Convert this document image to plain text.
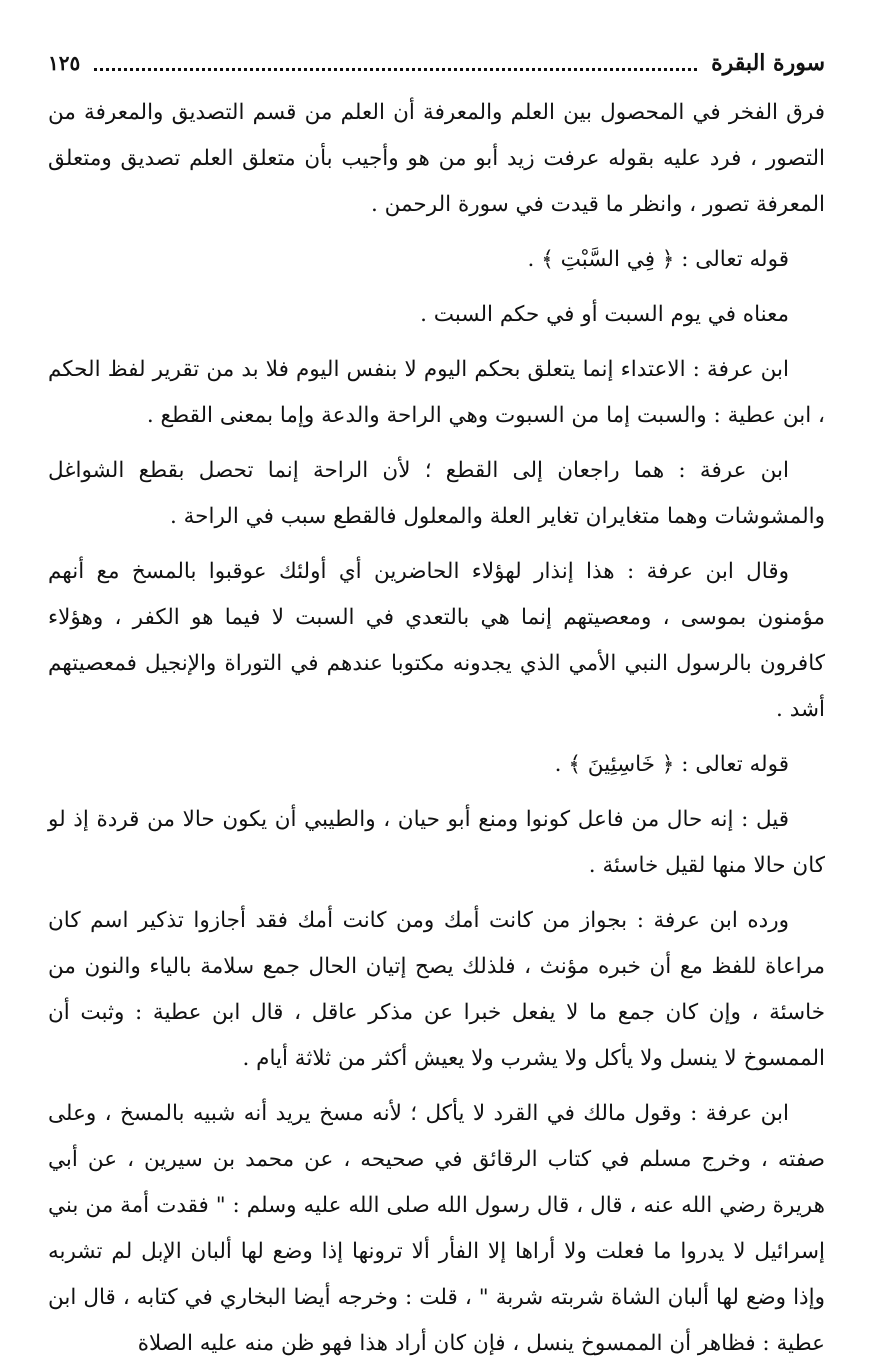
سورة البقرة
١٢٥

فرق الفخر في المحصول بين العلم والمعرفة أن العلم من قسم التصديق والمعرفة من التصور ، فرد عليه بقوله عرفت زيد أبو من هو وأجيب بأن متعلق العلم تصديق ومتعلق المعرفة تصور ، وانظر ما قيدت في سورة الرحمن .

قوله تعالى : ﴿ فِي السَّبْتِ ﴾ .

معناه في يوم السبت أو في حكم السبت .

ابن عرفة : الاعتداء إنما يتعلق بحكم اليوم لا بنفس اليوم فلا بد من تقرير لفظ الحكم ، ابن عطية : والسبت إما من السبوت وهي الراحة والدعة وإما بمعنى القطع .

ابن عرفة : هما راجعان إلى القطع ؛ لأن الراحة إنما تحصل بقطع الشواغل والمشوشات وهما متغايران تغاير العلة والمعلول فالقطع سبب في الراحة .

وقال ابن عرفة : هذا إنذار لهؤلاء الحاضرين أي أولئك عوقبوا بالمسخ مع أنهم مؤمنون بموسى ، ومعصيتهم إنما هي بالتعدي في السبت لا فيما هو الكفر ، وهؤلاء كافرون بالرسول النبي الأمي الذي يجدونه مكتوبا عندهم في التوراة والإنجيل فمعصيتهم أشد .

قوله تعالى : ﴿ خَاسِئِينَ ﴾ .

قيل : إنه حال من فاعل كونوا ومنع أبو حيان ، والطيبي أن يكون حالا من قردة إذ لو كان حالا منها لقيل خاسئة .

ورده ابن عرفة : بجواز من كانت أمك ومن كانت أمك فقد أجازوا تذكير اسم كان مراعاة للفظ مع أن خبره مؤنث ، فلذلك يصح إتيان الحال جمع سلامة بالياء والنون من خاسئة ، وإن كان جمع ما لا يفعل خبرا عن مذكر عاقل ، قال ابن عطية : وثبت أن الممسوخ لا ينسل ولا يأكل ولا يشرب ولا يعيش أكثر من ثلاثة أيام .

ابن عرفة : وقول مالك في القرد لا يأكل ؛ لأنه مسخ يريد أنه شبيه بالمسخ ، وعلى صفته ، وخرج مسلم في كتاب الرقائق في صحيحه ، عن محمد بن سيرين ، عن أبي هريرة رضي الله عنه ، قال ، قال رسول الله صلى الله عليه وسلم : " فقدت أمة من بني إسرائيل لا يدروا ما فعلت ولا أراها إلا الفأر ألا ترونها إذا وضع لها ألبان الإبل لم تشربه وإذا وضع لها ألبان الشاة شربته شربة " ، قلت : وخرجه أيضا البخاري في كتابه ، قال ابن عطية : فظاهر أن الممسوخ ينسل ، فإن كان أراد هذا فهو ظن منه عليه الصلاة
